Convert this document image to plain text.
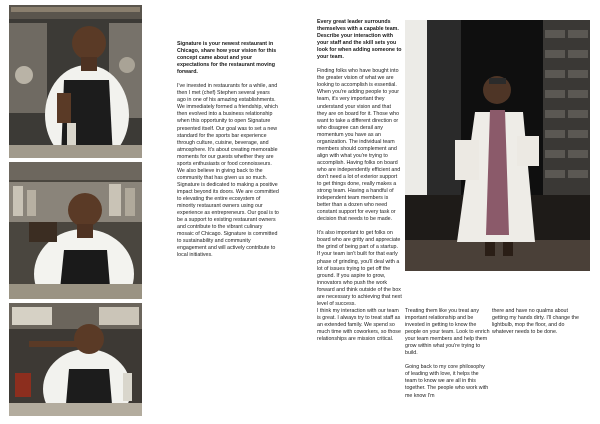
Signature is your newest restaurant in Chicago, share how your vision for this concept came about and your expectations for the restaurant moving forward.

I've invested in restaurants for a while, and then I met (chef) Stephen several years ago in one of his amazing establishments. We immediately formed a friendship, which then evolved into a business relationship when this opportunity to open Signature presented itself. Our goal was to set a new standard for the sports bar experience through culture, cuisine, beverage, and atmosphere. It's about creating memorable moments for our guests whether they are sports enthusiasts or food connoisseurs. We also believe in giving back to the community that has given us so much. Signature is dedicated to making a positive impact beyond its doors. We are committed to elevating the entire ecosystem of minority restaurant owners using our experience as entrepreneurs. Our goal is to be a support to existing restaurant owners and contribute to the vibrant culinary mosaic of Chicago. Signature is committed to sustainability and community engagement and will actively contribute to local initiatives.

Every great leader surrounds themselves with a capable team. Describe your interaction with your staff and the skill sets you look for when adding someone to your team.

Finding folks who have bought into the greater vision of what we are looking to accomplish is essential. When you're adding people to your team, it's very important they understand your vision and that they are on board for it. Those who want to take a different direction or who disagree can derail any momentum you have as an organization. The individual team members should complement and align with what you're trying to accomplish. Having folks on board who are independently efficient and don't need a lot of exterior support to get things done, really makes a strong team. Having a handful of independent team members is better than a dozen who need constant support for every task or decision that needs to be made.

It's also important to get folks on board who are gritty and appreciate the grind of being part of a startup. If your team isn't built for that early phase of grinding, you'll deal with a lot of issues trying to get off the ground. If you aspire to grow, innovators who push the work forward and think outside of the box are necessary to achieving that next level of success.

I think my interaction with our team is great. I always try to treat staff as an extended family. We spend so much time with coworkers, so those relationships are mission critical.

Treating them like you treat any important relationship and be invested in getting to know the people on your team. Look to enrich your team members and help them grow within what you're trying to build.

Going back to my core philosophy of leading with love, it helps the team to know we are all in this together. The people who work with me know I'm

there and have no qualms about getting my hands dirty. I'll change the lightbulb, mop the floor, and do whatever needs to be done.
